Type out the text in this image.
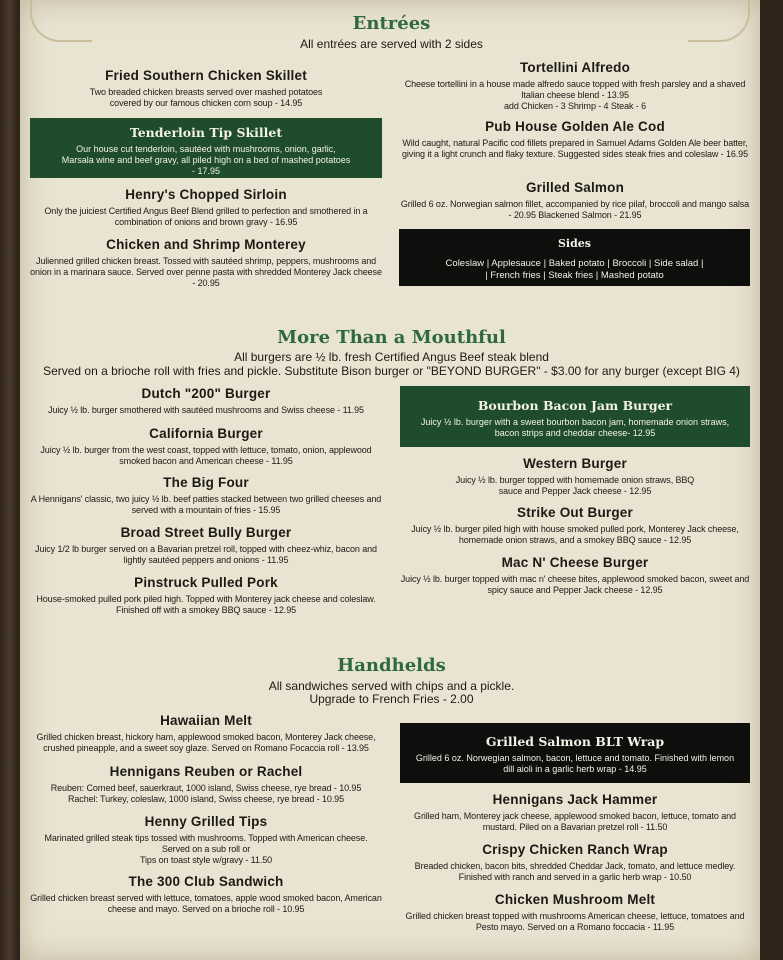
Entrées
All entrées are served with 2 sides
Fried Southern Chicken Skillet
Two breaded chicken breasts served over mashed potatoes covered by our famous chicken corn soup - 14.95
Tenderloin Tip Skillet
Our house cut tenderloin, sautéed with mushrooms, onion, garlic, Marsala wine and beef gravy, all piled high on a bed of mashed potatoes - 17.95
Henry's Chopped Sirloin
Only the juiciest Certified Angus Beef Blend grilled to perfection and smothered in a combination of onions and brown gravy - 16.95
Chicken and Shrimp Monterey
Julienned grilled chicken breast. Tossed with sautéed shrimp, peppers, mushrooms and onion in a marinara sauce. Served over penne pasta with shredded Monterey Jack cheese - 20.95
Tortellini Alfredo
Cheese tortellini in a house made alfredo sauce topped with fresh parsley and a shaved Italian cheese blend - 13.95
add Chicken - 3 Shrimp - 4 Steak - 6
Pub House Golden Ale Cod
Wild caught, natural Pacific cod fillets prepared in Samuel Adams Golden Ale beer batter, giving it a light crunch and flaky texture. Suggested sides steak fries and coleslaw - 16.95
Grilled Salmon
Grilled 6 oz. Norwegian salmon fillet, accompanied by rice pilaf, broccoli and mango salsa - 20.95 Blackened Salmon - 21.95
Sides
Coleslaw | Applesauce | Baked potato | Broccoli | Side salad |
| French fries | Steak fries | Mashed potato
More Than a Mouthful
All burgers are ½ lb. fresh Certified Angus Beef steak blend
Served on a brioche roll with fries and pickle. Substitute Bison burger or "BEYOND BURGER" - $3.00 for any burger (except BIG 4)
Dutch "200" Burger
Juicy ½ lb. burger smothered with sautéed mushrooms and Swiss cheese - 11.95
California Burger
Juicy ½ lb. burger from the west coast, topped with lettuce, tomato, onion, applewood smoked bacon and American cheese - 11.95
The Big Four
A Hennigans' classic, two juicy ½ lb. beef patties stacked between two grilled cheeses and served with a mountain of fries - 15.95
Broad Street Bully Burger
Juicy 1/2 lb burger served on a Bavarian pretzel roll, topped with cheez-whiz, bacon and lightly sautéed peppers and onions - 11.95
Pinstruck Pulled Pork
House-smoked pulled pork piled high. Topped with Monterey jack cheese and coleslaw. Finished off with a smokey BBQ sauce - 12.95
Bourbon Bacon Jam Burger
Juicy ½ lb. burger with a sweet bourbon bacon jam, homemade onion straws, bacon strips and cheddar cheese- 12.95
Western Burger
Juicy ½ lb. burger topped with homemade onion straws, BBQ sauce and Pepper Jack cheese - 12.95
Strike Out Burger
Juicy ½ lb. burger piled high with house smoked pulled pork, Monterey Jack cheese, homemade onion straws, and a smokey BBQ sauce - 12.95
Mac N' Cheese Burger
Juicy ½ lb. burger topped with mac n' cheese bites, applewood smoked bacon, sweet and spicy sauce and Pepper Jack cheese - 12.95
Handhelds
All sandwiches served with chips and a pickle.
Upgrade to French Fries - 2.00
Hawaiian Melt
Grilled chicken breast, hickory ham, applewood smoked bacon, Monterey Jack cheese, crushed pineapple, and a sweet soy glaze. Served on Romano Focaccia roll - 13.95
Hennigans Reuben or Rachel
Reuben: Corned beef, sauerkraut, 1000 island, Swiss cheese, rye bread - 10.95
Rachel: Turkey, coleslaw, 1000 island, Swiss cheese, rye bread - 10.95
Henny Grilled Tips
Marinated grilled steak tips tossed with mushrooms. Topped with American cheese.
Served on a sub roll or
Tips on toast style w/gravy - 11.50
The 300 Club Sandwich
Grilled chicken breast served with lettuce, tomatoes, apple wood smoked bacon, American cheese and mayo. Served on a brioche roll - 10.95
Grilled Salmon BLT Wrap
Grilled 6 oz. Norwegian salmon, bacon, lettuce and tomato. Finished with lemon dill aioli in a garlic herb wrap - 14.95
Hennigans Jack Hammer
Grilled ham, Monterey jack cheese, applewood smoked bacon, lettuce, tomato and mustard. Piled on a Bavarian pretzel roll - 11.50
Crispy Chicken Ranch Wrap
Breaded chicken, bacon bits, shredded Cheddar Jack, tomato, and lettuce medley. Finished with ranch and served in a garlic herb wrap - 10.50
Chicken Mushroom Melt
Grilled chicken breast topped with mushrooms American cheese, lettuce, tomatoes and Pesto mayo. Served on a Romano foccacia - 11.95
